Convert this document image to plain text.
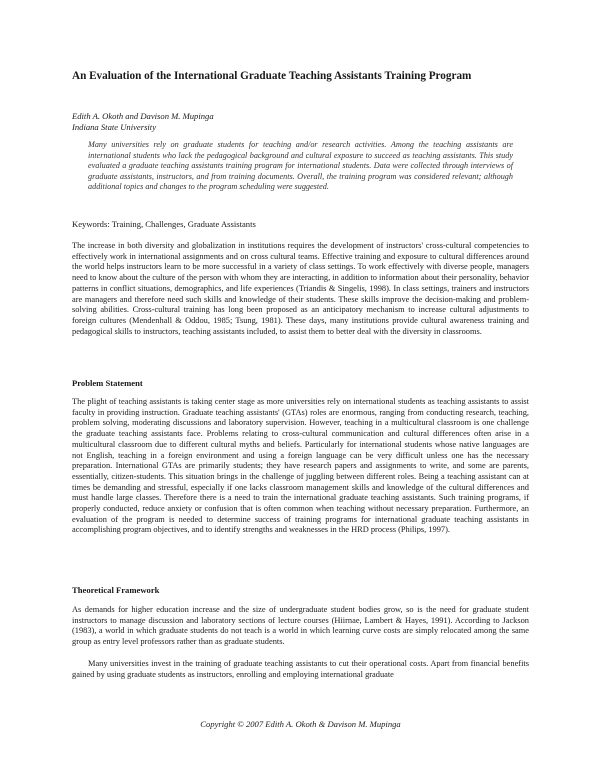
An Evaluation of the International Graduate Teaching Assistants Training Program
Edith A. Okoth and Davison M. Mupinga
Indiana State University

Many universities rely on graduate students for teaching and/or research activities. Among the teaching assistants are international students who lack the pedagogical background and cultural exposure to succeed as teaching assistants. This study evaluated a graduate teaching assistants training program for international students. Data were collected through interviews of graduate assistants, instructors, and from training documents. Overall, the training program was considered relevant; although additional topics and changes to the program scheduling were suggested.

Keywords: Training, Challenges, Graduate Assistants

The increase in both diversity and globalization in institutions requires the development of instructors' cross-cultural competencies to effectively work in international assignments and on cross cultural teams. Effective training and exposure to cultural differences around the world helps instructors learn to be more successful in a variety of class settings. To work effectively with diverse people, managers need to know about the culture of the person with whom they are interacting, in addition to information about their personality, behavior patterns in conflict situations, demographics, and life experiences (Triandis & Singelis, 1998). In class settings, trainers and instructors are managers and therefore need such skills and knowledge of their students. These skills improve the decision-making and problem-solving abilities. Cross-cultural training has long been proposed as an anticipatory mechanism to increase cultural adjustments to foreign cultures (Mendenhall & Oddou, 1985; Tsung, 1981). These days, many institutions provide cultural awareness training and pedagogical skills to instructors, teaching assistants included, to assist them to better deal with the diversity in classrooms.

Problem Statement

The plight of teaching assistants is taking center stage as more universities rely on international students as teaching assistants to assist faculty in providing instruction. Graduate teaching assistants' (GTAs) roles are enormous, ranging from conducting research, teaching, problem solving, moderating discussions and laboratory supervision. However, teaching in a multicultural classroom is one challenge the graduate teaching assistants face. Problems relating to cross-cultural communication and cultural differences often arise in a multicultural classroom due to different cultural myths and beliefs. Particularly for international students whose native languages are not English, teaching in a foreign environment and using a foreign language can be very difficult unless one has the necessary preparation. International GTAs are primarily students; they have research papers and assignments to write, and some are parents, essentially, citizen-students. This situation brings in the challenge of juggling between different roles. Being a teaching assistant can at times be demanding and stressful, especially if one lacks classroom management skills and knowledge of the cultural differences and must handle large classes. Therefore there is a need to train the international graduate teaching assistants. Such training programs, if properly conducted, reduce anxiety or confusion that is often common when teaching without necessary preparation. Furthermore, an evaluation of the program is needed to determine success of training programs for international graduate teaching assistants in accomplishing program objectives, and to identify strengths and weaknesses in the HRD process (Philips, 1997).

Theoretical Framework

As demands for higher education increase and the size of undergraduate student bodies grow, so is the need for graduate student instructors to manage discussion and laboratory sections of lecture courses (Hiirnae, Lambert & Hayes, 1991). According to Jackson (1983), a world in which graduate students do not teach is a world in which learning curve costs are simply relocated among the same group as entry level professors rather than as graduate students.

Many universities invest in the training of graduate teaching assistants to cut their operational costs. Apart from financial benefits gained by using graduate students as instructors, enrolling and employing international graduate

Copyright © 2007 Edith A. Okoth & Davison M. Mupinga
